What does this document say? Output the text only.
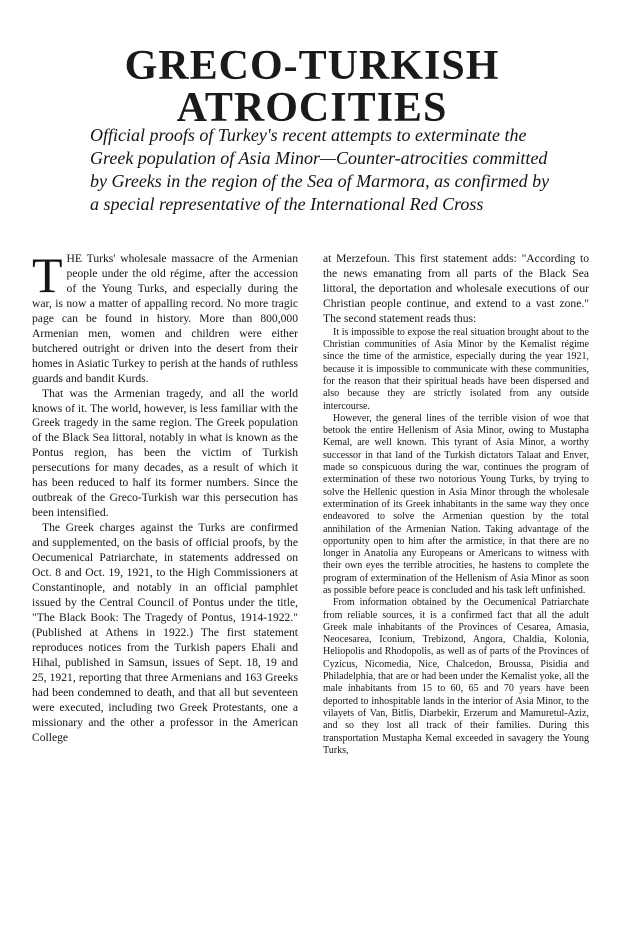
GRECO-TURKISH
ATROCITIES
Official proofs of Turkey's recent attempts to exterminate the
Greek population of Asia Minor—Counter-atrocities committed
by Greeks in the region of the Sea of Marmora, as confirmed by
a special representative of the International Red Cross

THE Turks' wholesale massacre of the Armenian people under the old régime, after the accession of the Young Turks, and especially during the war, is now a matter of appalling record. No more tragic page can be found in history. More than 800,000 Armenian men, women and children were either butchered outright or driven into the desert from their homes in Asiatic Turkey to perish at the hands of ruthless guards and bandit Kurds.

That was the Armenian tragedy, and all the world knows of it. The world, however, is less familiar with the Greek tragedy in the same region. The Greek population of the Black Sea littoral, notably in what is known as the Pontus region, has been the victim of Turkish persecutions for many decades, as a result of which it has been reduced to half its former numbers. Since the outbreak of the Greco-Turkish war this persecution has been intensified.

The Greek charges against the Turks are confirmed and supplemented, on the basis of official proofs, by the Oecumenical Patriarchate, in statements addressed on Oct. 8 and Oct. 19, 1921, to the High Commissioners at Constantinople, and notably in an official pamphlet issued by the Central Council of Pontus under the title, "The Black Book: The Tragedy of Pontus, 1914-1922." (Published at Athens in 1922.) The first statement reproduces notices from the Turkish papers Ehali and Hihal, published in Samsun, issues of Sept. 18, 19 and 25, 1921, reporting that three Armenians and 163 Greeks had been condemned to death, and that all but seventeen were executed, including two Greek Protestants, one a missionary and the other a professor in the American College

at Merzefoun. This first statement adds: "According to the news emanating from all parts of the Black Sea littoral, the deportation and wholesale executions of our Christian people continue, and extend to a vast zone." The second statement reads thus:

It is impossible to expose the real situation brought about to the Christian communities of Asia Minor by the Kemalist régime since the time of the armistice, especially during the year 1921, because it is impossible to communicate with these communities, for the reason that their spiritual heads have been dispersed and also because they are strictly isolated from any outside intercourse.

However, the general lines of the terrible vision of woe that betook the entire Hellenism of Asia Minor, owing to Mustapha Kemal, are well known. This tyrant of Asia Minor, a worthy successor in that land of the Turkish dictators Talaat and Enver, made so conspicuous during the war, continues the program of extermination of these two notorious Young Turks, by trying to solve the Hellenic question in Asia Minor through the wholesale extermination of its Greek inhabitants in the same way they once endeavored to solve the Armenian question by the total annihilation of the Armenian Nation. Taking advantage of the opportunity open to him after the armistice, in that there are no longer in Anatolia any Europeans or Americans to witness with their own eyes the terrible atrocities, he hastens to complete the program of extermination of the Hellenism of Asia Minor as soon as possible before peace is concluded and his task left unfinished.

From information obtained by the Oecumenical Patriarchate from reliable sources, it is a confirmed fact that all the adult Greek male inhabitants of the Provinces of Cesarea, Amasia, Neocesarea, Iconium, Trebizond, Angora, Chaldia, Kolonia, Heliopolis and Rhodopolis, as well as of parts of the Provinces of Cyzicus, Nicomedia, Nice, Chalcedon, Broussa, Pisidia and Philadelphia, that are or had been under the Kemalist yoke, all the male inhabitants from 15 to 60, 65 and 70 years have been deported to inhospitable lands in the interior of Asia Minor, to the vilayets of Van, Bitlis, Diarbekir, Erzerum and Mamuretul-Aziz, and so they lost all track of their families. During this transportation Mustapha Kemal exceeded in savagery the Young Turks,
